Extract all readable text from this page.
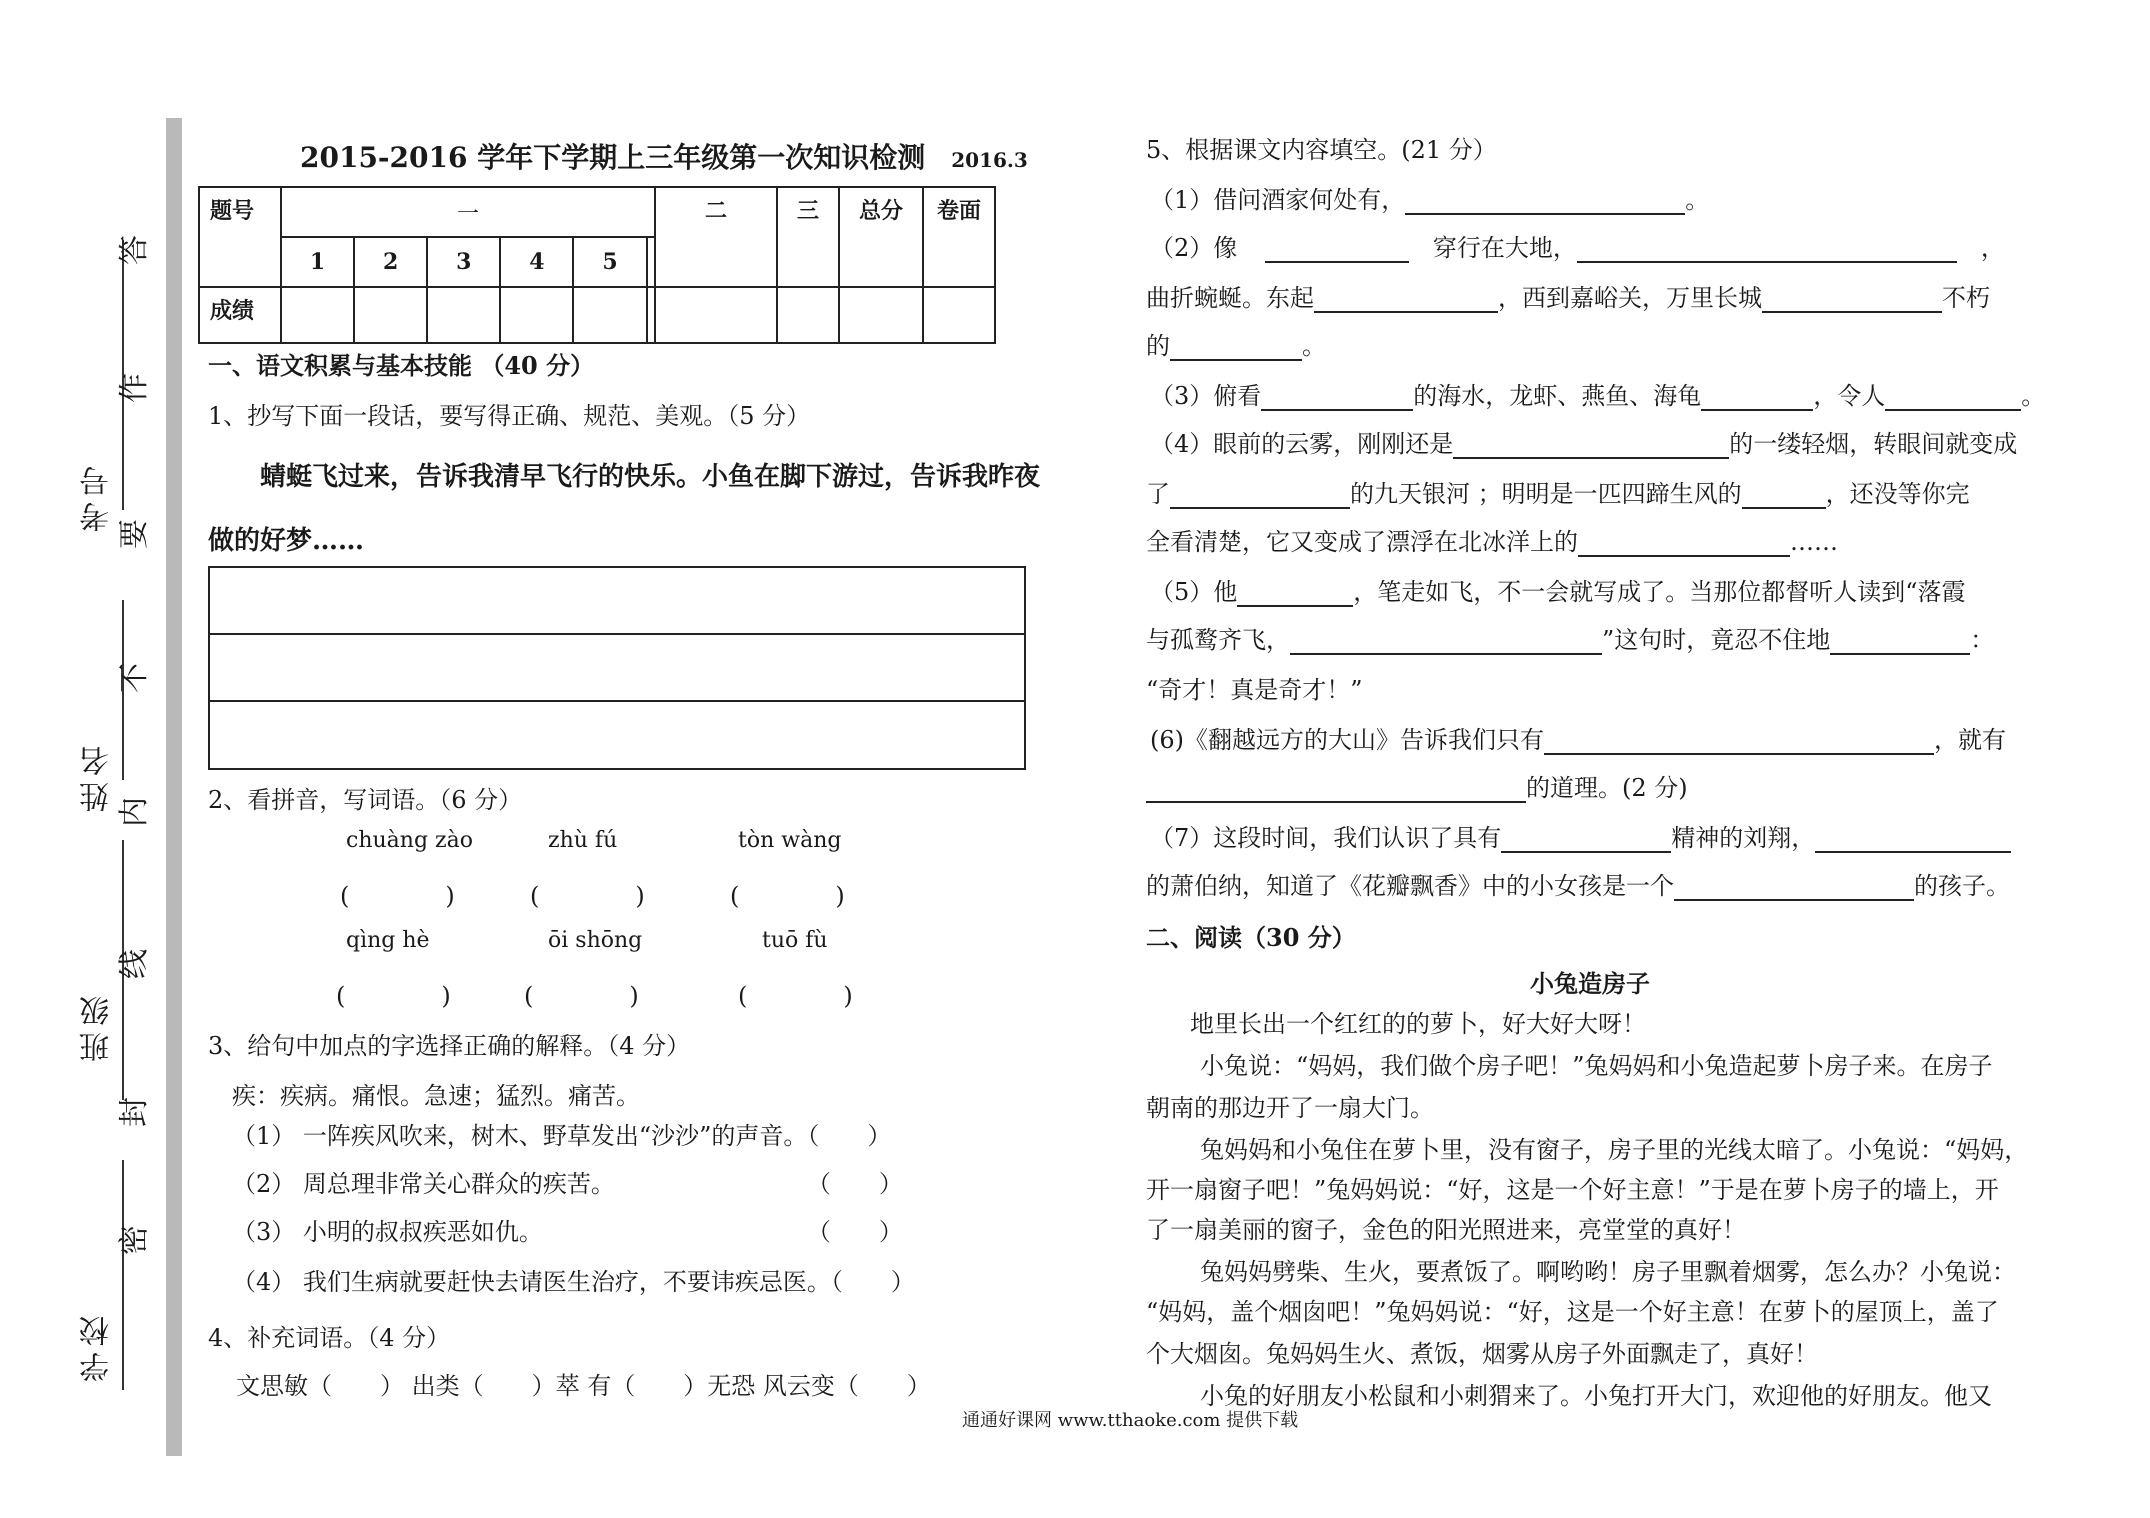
学校
班级
姓名
考号
密
封
线
内
不
要
作
答
2015-2016 学年下学期上三年级第一次知识检测 2016.3
题号	一						二	三	总分	卷面
	1	2	3	4	5					
成绩										
一、语文积累与基本技能 （40 分）
1、抄写下面一段话，要写得正确、规范、美观。（5 分）
蜻蜓飞过来，告诉我清早飞行的快乐。小鱼在脚下游过，告诉我昨夜
做的好梦……
2、看拼音，写词语。（6 分）
chuàng zào	zhù fú	tòn wàng
(　　　　)	(　　　　)	(　　　　)
qìng hè	ōi shōng	tuō fù
(　　　　)	(　　　　)	(　　　　)
3、给句中加点的字选择正确的解释。（4 分）
疾：疾病。痛恨。急速；猛烈。痛苦。
（1） 一阵疾风吹来，树木、野草发出“沙沙”的声音。（　　）
（2） 周总理非常关心群众的疾苦。　　　　　　　　　（　　）
（3） 小明的叔叔疾恶如仇。　　　　　　　　　　　　（　　）
（4） 我们生病就要赶快去请医生治疗，不要讳疾忌医。（　　）
4、补充词语。（4 分）
文思敏（　　） 出类（　　）萃 有（　　）无恐 风云变（　　）
5、根据课文内容填空。(21 分）
（1）借问酒家何处有，	。
（2）像	穿行在大地，	，
曲折蜿蜒。东起	，西到嘉峪关，万里长城	不朽
的	。
（3）俯看	的海水，龙虾、燕鱼、海龟	，令人	。
（4）眼前的云雾，刚刚还是	的一缕轻烟，转眼间就变成
了	的九天银河 ；明明是一匹四蹄生风的	，还没等你完
全看清楚，它又变成了漂浮在北冰洋上的	……
（5）他	，笔走如飞，不一会就写成了。当那位都督听人读到“落霞
与孤鹜齐飞，	”这句时，竟忍不住地	：
“奇才！真是奇才！”
(6)《翻越远方的大山》告诉我们只有	，就有
的道理。(2 分)
（7）这段时间，我们认识了具有	精神的刘翔，
的萧伯纳，知道了《花瓣飘香》中的小女孩是一个	的孩子。
二、阅读（30 分）
小兔造房子
地里长出一个红红的的萝卜，好大好大呀！
小兔说：“妈妈，我们做个房子吧！”兔妈妈和小兔造起萝卜房子来。在房子
朝南的那边开了一扇大门。
兔妈妈和小兔住在萝卜里，没有窗子，房子里的光线太暗了。小兔说：“妈妈，
开一扇窗子吧！”兔妈妈说：“好，这是一个好主意！”于是在萝卜房子的墙上，开
了一扇美丽的窗子，金色的阳光照进来，亮堂堂的真好！
兔妈妈劈柴、生火，要煮饭了。啊哟哟！房子里飘着烟雾，怎么办？小兔说：
“妈妈，盖个烟囱吧！”兔妈妈说：“好，这是一个好主意！在萝卜的屋顶上，盖了
个大烟囱。兔妈妈生火、煮饭，烟雾从房子外面飘走了，真好！
小兔的好朋友小松鼠和小刺猬来了。小兔打开大门，欢迎他的好朋友。他又
通通好课网 www.tthaoke.com 提供下载
